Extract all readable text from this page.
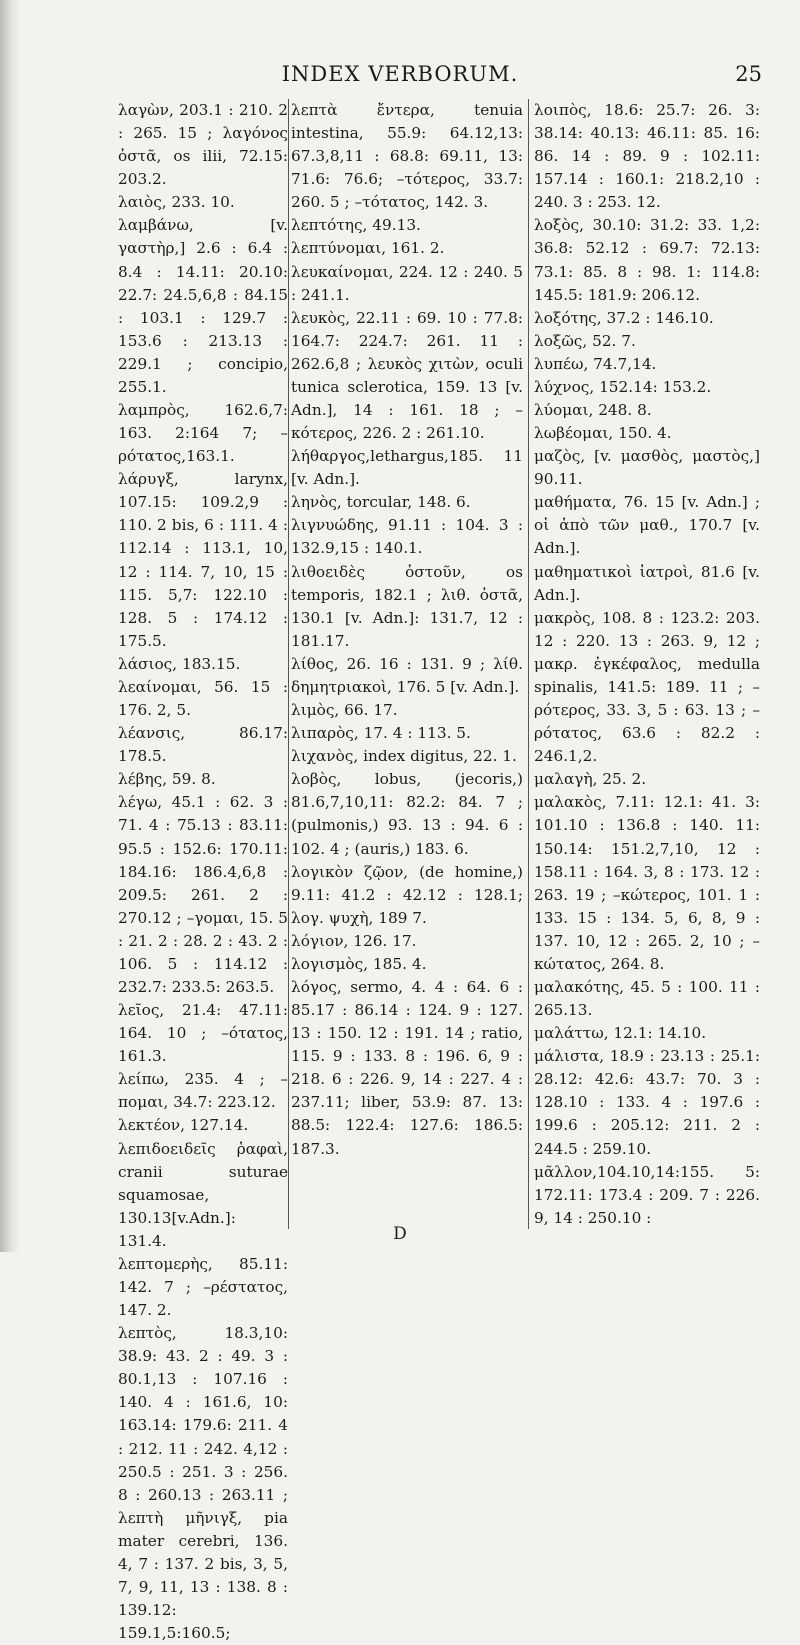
INDEX VERBORUM.	25
λαγὼν, 203.1 : 210. 2 : 265. 15 ; λαγόνος ὀστᾶ, os ilii, 72.15: 203.2.
λαιὸς, 233. 10.
λαμβάνω, [v. γαστὴρ,] 2.6 : 6.4 : 8.4 : 14.11: 20.10: 22.7: 24.5,6,8 : 84.15 : 103.1 : 129.7 : 153.6 : 213.13 : 229.1 ; concipio, 255.1.
λαμπρὸς, 162.6,7: 163. 2:164 7; –ρότατος,163.1.
λάρυγξ, larynx, 107.15: 109.2,9 : 110. 2 bis, 6 : 111. 4 : 112.14 : 113.1, 10, 12 : 114. 7, 10, 15 : 115. 5,7: 122.10 : 128. 5 : 174.12 : 175.5.
λάσιος, 183.15.
λεαίνομαι, 56. 15 : 176. 2, 5.
λέανσις, 86.17: 178.5.
λέβης, 59. 8.
λέγω, 45.1 : 62. 3 : 71. 4 : 75.13 : 83.11: 95.5 : 152.6: 170.11: 184.16: 186.4,6,8 : 209.5: 261. 2 : 270.12 ; –γομαι, 15. 5 : 21. 2 : 28. 2 : 43. 2 : 106. 5 : 114.12 : 232.7: 233.5: 263.5.
λεῖος, 21.4: 47.11: 164. 10 ; –ότατος, 161.3.
λείπω, 235. 4 ; –πομαι, 34.7: 223.12.
λεκτέον, 127.14.
λεπιδοειδεῖς ῥαφαὶ, cranii suturae squamosae, 130.13[v.Adn.]: 131.4.
λεπτομερὴς, 85.11: 142. 7 ; –ρέστατος, 147. 2.
λεπτὸς, 18.3,10: 38.9: 43. 2 : 49. 3 : 80.1,13 : 107.16 : 140. 4 : 161.6, 10: 163.14: 179.6: 211. 4 : 212. 11 : 242. 4,12 : 250.5 : 251. 3 : 256. 8 : 260.13 : 263.11 ; λεπτὴ μῆνιγξ, pia mater cerebri, 136. 4, 7 : 137. 2 bis, 3, 5, 7, 9, 11, 13 : 138. 8 : 139.12: 159.1,5:160.5;
λεπτὰ ἔντερα, tenuia intestina, 55.9: 64.12,13: 67.3,8,11 : 68.8: 69.11, 13: 71.6: 76.6; –τότερος, 33.7: 260. 5 ; –τότατος, 142. 3.
λεπτότης, 49.13.
λεπτύνομαι, 161. 2.
λευκαίνομαι, 224. 12 : 240. 5 : 241.1.
λευκὸς, 22.11 : 69. 10 : 77.8: 164.7: 224.7: 261. 11 : 262.6,8 ; λευκὸς χιτὼν, oculi tunica sclerotica, 159. 13 [v. Adn.], 14 : 161. 18 ; –κότερος, 226. 2 : 261.10.
λήθαργος,lethargus,185. 11 [v. Adn.].
ληνὸς, torcular, 148. 6.
λιγνυώδης, 91.11 : 104. 3 : 132.9,15 : 140.1.
λιθοειδὲς ὀστοῦν, os temporis, 182.1 ; λιθ. ὀστᾶ, 130.1 [v. Adn.]: 131.7, 12 : 181.17.
λίθος, 26. 16 : 131. 9 ; λίθ. δημητριακοὶ, 176. 5 [v. Adn.].
λιμὸς, 66. 17.
λιπαρὸς, 17. 4 : 113. 5.
λιχανὸς, index digitus, 22. 1.
λοβὸς, lobus, (jecoris,) 81.6,7,10,11: 82.2: 84. 7 ; (pulmonis,) 93. 13 : 94. 6 : 102. 4 ; (auris,) 183. 6.
λογικὸν ζῷον, (de homine,) 9.11: 41.2 : 42.12 : 128.1; λογ. ψυχὴ, 189 7.
λόγιον, 126. 17.
λογισμὸς, 185. 4.
λόγος, sermo, 4. 4 : 64. 6 : 85.17 : 86.14 : 124. 9 : 127. 13 : 150. 12 : 191. 14 ; ratio, 115. 9 : 133. 8 : 196. 6, 9 : 218. 6 : 226. 9, 14 : 227. 4 : 237.11; liber, 53.9: 87. 13: 88.5: 122.4: 127.6: 186.5: 187.3.
λοιπὸς, 18.6: 25.7: 26. 3: 38.14: 40.13: 46.11: 85. 16: 86. 14 : 89. 9 : 102.11: 157.14 : 160.1: 218.2,10 : 240. 3 : 253. 12.
λοξὸς, 30.10: 31.2: 33. 1,2: 36.8: 52.12 : 69.7: 72.13: 73.1: 85. 8 : 98. 1: 114.8: 145.5: 181.9: 206.12.
λοξότης, 37.2 : 146.10.
λοξῶς, 52. 7.
λυπέω, 74.7,14.
λύχνος, 152.14: 153.2.
λύομαι, 248. 8.
λωβέομαι, 150. 4.
μαζὸς, [v. μασθὸς, μαστὸς,] 90.11.
μαθήματα, 76. 15 [v. Adn.] ; οἱ ἀπὸ τῶν μαθ., 170.7 [v. Adn.].
μαθηματικοὶ ἰατροὶ, 81.6 [v. Adn.].
μακρὸς, 108. 8 : 123.2: 203. 12 : 220. 13 : 263. 9, 12 ; μακρ. ἐγκέφαλος, medulla spinalis, 141.5: 189. 11 ; –ρότερος, 33. 3, 5 : 63. 13 ; –ρότατος, 63.6 : 82.2 : 246.1,2.
μαλαγὴ, 25. 2.
μαλακὸς, 7.11: 12.1: 41. 3: 101.10 : 136.8 : 140. 11: 150.14: 151.2,7,10, 12 : 158.11 : 164. 3, 8 : 173. 12 : 263. 19 ; –κώτερος, 101. 1 : 133. 15 : 134. 5, 6, 8, 9 : 137. 10, 12 : 265. 2, 10 ; –κώτατος, 264. 8.
μαλακότης, 45. 5 : 100. 11 : 265.13.
μαλάττω, 12.1: 14.10.
μάλιστα, 18.9 : 23.13 : 25.1: 28.12: 42.6: 43.7: 70. 3 : 128.10 : 133. 4 : 197.6 : 199.6 : 205.12: 211. 2 : 244.5 : 259.10.
μᾶλλον,104.10,14:155. 5: 172.11: 173.4 : 209. 7 : 226. 9, 14 : 250.10 :
D
